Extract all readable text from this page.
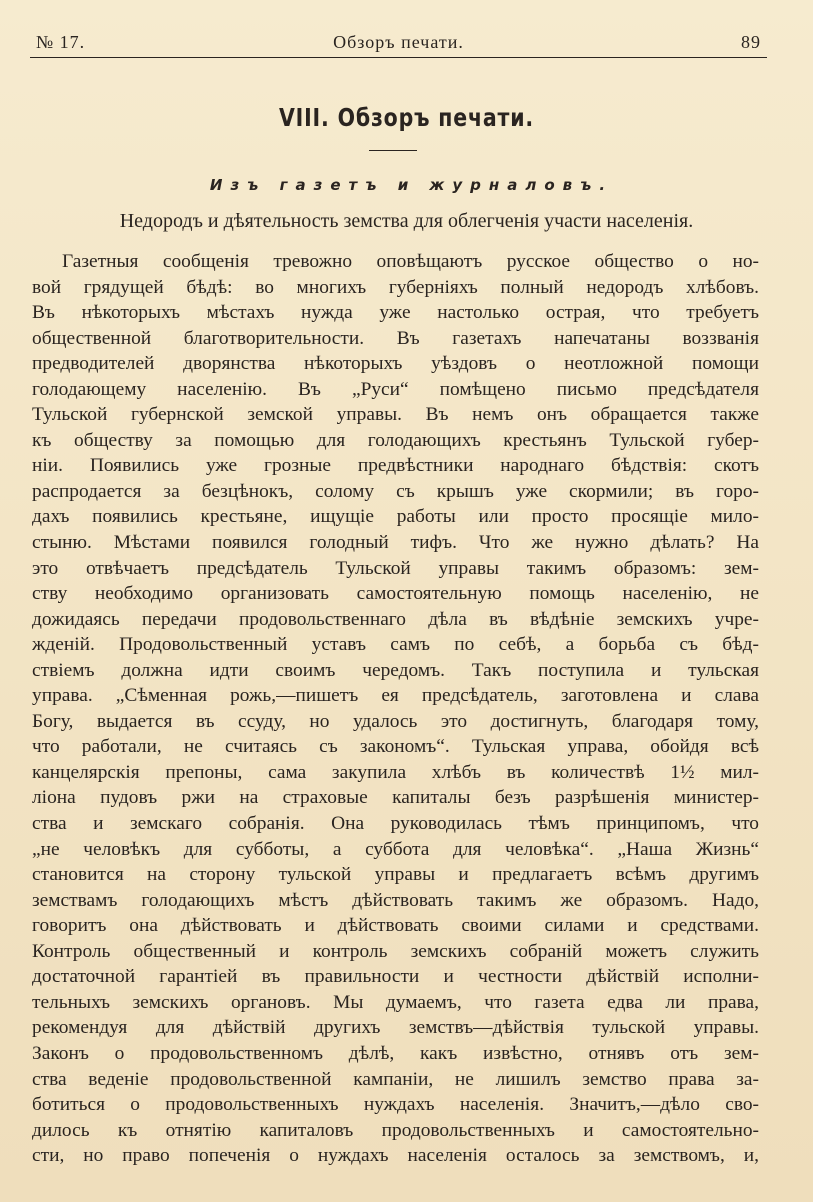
№ 17.	Обзоръ печати.	89
VIII. Обзоръ печати.
Изъ газетъ и журналовъ.
Недородъ и дѣятельность земства для облегченія участи населенія.
Газетныя сообщенія тревожно оповѣщаютъ русское общество о но-
вой грядущей бѣдѣ: во многихъ губерніяхъ полный недородъ хлѣбовъ.
Въ нѣкоторыхъ мѣстахъ нужда уже настолько острая, что требуетъ
общественной благотворительности. Въ газетахъ напечатаны воззванія
предводителей дворянства нѣкоторыхъ уѣздовъ о неотложной помощи
голодающему населенію. Въ „Руси“ помѣщено письмо предсѣдателя
Тульской губернской земской управы. Въ немъ онъ обращается также
къ обществу за помощью для голодающихъ крестьянъ Тульской губер-
ніи. Появились уже грозные предвѣстники народнаго бѣдствія: скотъ
распродается за безцѣнокъ, солому съ крышъ уже скормили; въ горо-
дахъ появились крестьяне, ищущіе работы или просто просящіе мило-
стыню. Мѣстами появился голодный тифъ. Что же нужно дѣлать? На
это отвѣчаетъ предсѣдатель Тульской управы такимъ образомъ: зем-
ству необходимо организовать самостоятельную помощь населенію, не
дожидаясь передачи продовольственнаго дѣла въ вѣдѣніе земскихъ учре-
жденій. Продовольственный уставъ самъ по себѣ, а борьба съ бѣд-
ствіемъ должна идти своимъ чередомъ. Такъ поступила и тульская
управа. „Сѣменная рожь,—пишетъ ея предсѣдатель, заготовлена и слава
Богу, выдается въ ссуду, но удалось это достигнуть, благодаря тому,
что работали, не считаясь съ закономъ“. Тульская управа, обойдя всѣ
канцелярскія препоны, сама закупила хлѣбъ въ количествѣ 1½ мил-
ліона пудовъ ржи на страховые капиталы безъ разрѣшенія министер-
ства и земскаго собранія. Она руководилась тѣмъ принципомъ, что
„не человѣкъ для субботы, а суббота для человѣка“. „Наша Жизнь“
становится на сторону тульской управы и предлагаетъ всѣмъ другимъ
земствамъ голодающихъ мѣстъ дѣйствовать такимъ же образомъ. Надо,
говоритъ она дѣйствовать и дѣйствовать своими силами и средствами.
Контроль общественный и контроль земскихъ собраній можетъ служить
достаточной гарантіей въ правильности и честности дѣйствій исполни-
тельныхъ земскихъ органовъ. Мы думаемъ, что газета едва ли права,
рекомендуя для дѣйствій другихъ земствъ—дѣйствія тульской управы.
Законъ о продовольственномъ дѣлѣ, какъ извѣстно, отнявъ отъ зем-
ства веденіе продовольственной кампаніи, не лишилъ земство права за-
ботиться о продовольственныхъ нуждахъ населенія. Значитъ,—дѣло сво-
дилось къ отнятію капиталовъ продовольственныхъ и самостоятельно-
сти, но право попеченія о нуждахъ населенія осталось за земствомъ, и,
